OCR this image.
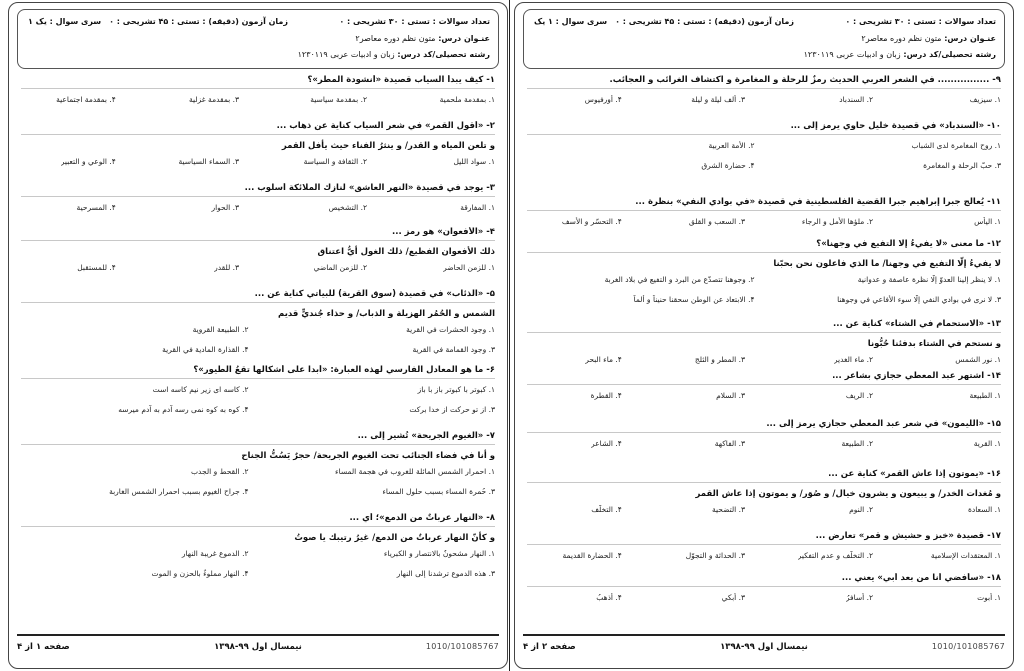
تعداد سوالات : تستی : ۳۰ تشریحی : ۰
زمان آزمون (دقیقه) : تستی : ۴۵ تشریحی : ۰
سری سوال : یک ۱
عنـوان درس: متون نظم دوره معاصر۲
رشته تحصیلی/کد درس: زبان و ادبیات عربی ۱۲۳۰۱۱۹
۱- كيف يبدأ السياب قصيدة «أنشودة المطر»؟
۱. بمقدمة ملحمية
۲. بمقدمة سياسية
۳. بمقدمة غزلية
۴. بمقدمة اجتماعية
۲- «أقول القمر» في شعر السياب كناية عن ذهاب ...
و تلعن المياه و القدر/ و ينثرُ الفناء حيث يأفل القمر
۱. سواد الليل
۲. الثقافة و السياسة
۳. السماء السياسية
۴. الوعي و التعبير
۳- يوجد في قصيدة «النهر العاشق» لنازك الملائكة أسلوب ...
۱. المفارقة
۲. التشخيص
۳. الحوار
۴. المسرحية
۴- «الأفعوان» هو رمز ...
ذلك الأفعوان الفظيع/ ذلك الغول أيُّ اعتناق
۱. للزمن الحاضر
۲. للزمن الماضي
۳. للقدر
۴. للمستقبل
۵- «الذئاب» في قصيدة (سوق القرية) للبياتي كناية عن ...
الشمس و الحُمُر الهزيلة و الذباب/ و حذاء جُنديٍّ قديم
۱. وجود الحشرات في القرية
۲. الطبيعة القروية
۳. وجود القمامة في القرية
۴. القذارة المادية في القرية
۶- ما هو المعادل الفارسي لهذه العبارة: «أبداً على أشكالها تقعُ الطيور»؟
۱. كبوتر با كبوتر باز با باز
۲. كاسه ای زير نيم كاسه است
۳. از تو حركت از خدا بركت
۴. كوه به كوه نمی رسه آدم به آدم ميرسه
۷- «الغيوم الجريحة» تُشير إلى ...
و أنا في فضاء الجنائب تحت الغيوم الجريحة/ حجرٌ يَسُتُّ الجناح
۱. احمرار الشمس المائلة للغروب في هجمة المساء
۲. القحط و الجدب
۳. حُمرة المساء بسبب حلول المساء
۴. جراح الغيوم بسبب احمرار الشمس الغاربة
۸- «النهار عرباتٌ من الدمع»؛ أي ...
و كأنّ النهار عرباتٌ من الدمع/ غيرُ رتيبك يا صوتُ
۱. النهار مشحونٌ بالانتصار و الكبرياء
۲. الدموع غريبة النهار
۳. هذه الدموع ترشدنا إلى النهار
۴. النهار مملوءٌ بالحزن و الموت
صفحه ۱ از ۴	نیمسال اول ۹۹-۱۳۹۸	1010/101085767
تعداد سوالات : تستی : ۳۰ تشریحی : ۰
زمان آزمون (دقیقه) : تستی : ۴۵ تشریحی : ۰
سری سوال : ۱ یک
عنـوان درس: متون نظم دوره معاصر۲
رشته تحصیلی/کد درس: زبان و ادبیات عربی ۱۲۳۰۱۱۹
۹- ................ في الشعر العربي الحديث رمزٌ للرحلة و المغامرة و اكتشاف الغرائب و العجائب.
۱. سيزيف
۲. السندباد
۳. ألف ليلة و ليلة
۴. أورفيوس
۱۰- «السندباد» في قصيدة خليل حاوي يرمز إلى ...
۱. روح المغامرة لدى الشباب
۲. الأمة العربية
۳. حبّ الرحلة و المغامرة
۴. حضارة الشرق
۱۱- يُعالج جبرا إبراهيم جبرا القضية الفلسطينية في قصيدة «في بوادي النفي» بنظرة ...
۱. اليأس
۲. ملؤها الأمل و الرجاء
۳. السعب و القلق
۴. التحسّر و الأسف
۱۲- ما معنى «لا يفيءُ إلّا التفيع في وجهنا»؟
لا يفيءُ إلّا التفيع في وجهنا/ ما الذي فاعلون نحن بحبّنا
۱. لا ينظر إلينا العدوّ إلّا نظرة عاصفة و عدوانية
۲. وجوهنا تتصدّع من البرد و التفيع في بلاد الغربة
۳. لا نرى في بوادي النفي إلّا سوء الأفاعي في وجوهنا
۴. الابتعاد عن الوطن سحقنا حنيناً و ألماً
۱۳- «الاستحمام في الشتاء» كناية عن ...
و نستحم في الشتاء بدفئنا حُبُّونا
۱. نور الشمس
۲. ماء الغدير
۳. المطر و الثلج
۴. ماء البحر
۱۴- اشتهر عبد المعطي حجازي بشاعر ...
۱. الطبيعة
۲. الريف
۳. السلام
۴. القطرة
۱۵- «الليمون» في شعر عبد المعطي حجازي يرمز إلى ...
۱. القرية
۲. الطبيعة
۳. الفاكهة
۴. الشاعر
۱۶- «يموتون إذا عاش القمر» كناية عن ...
و مُغدات الخدر/ و يبيعون و يشرون خيال/ و صُوَر/ و يموتون إذا عاش القمر
۱. السعادة
۲. النوم
۳. التضحية
۴. التخلّف
۱۷- قصيدة «خبز و حشيش و قمر» تعارض ...
۱. المعتقدات الإسلامية
۲. التخلّف و عدم التفكير
۳. الحداثة و التجوّل
۴. الحضارة القديمة
۱۸- «سأفضي أنا من بعد أبي» يعني ...
۱. أبوت
۲. أسافرُ
۳. أبكي
۴. أذهبُ
صفحه ۲ از ۴	نیمسال اول ۹۹-۱۳۹۸	1010/101085767
